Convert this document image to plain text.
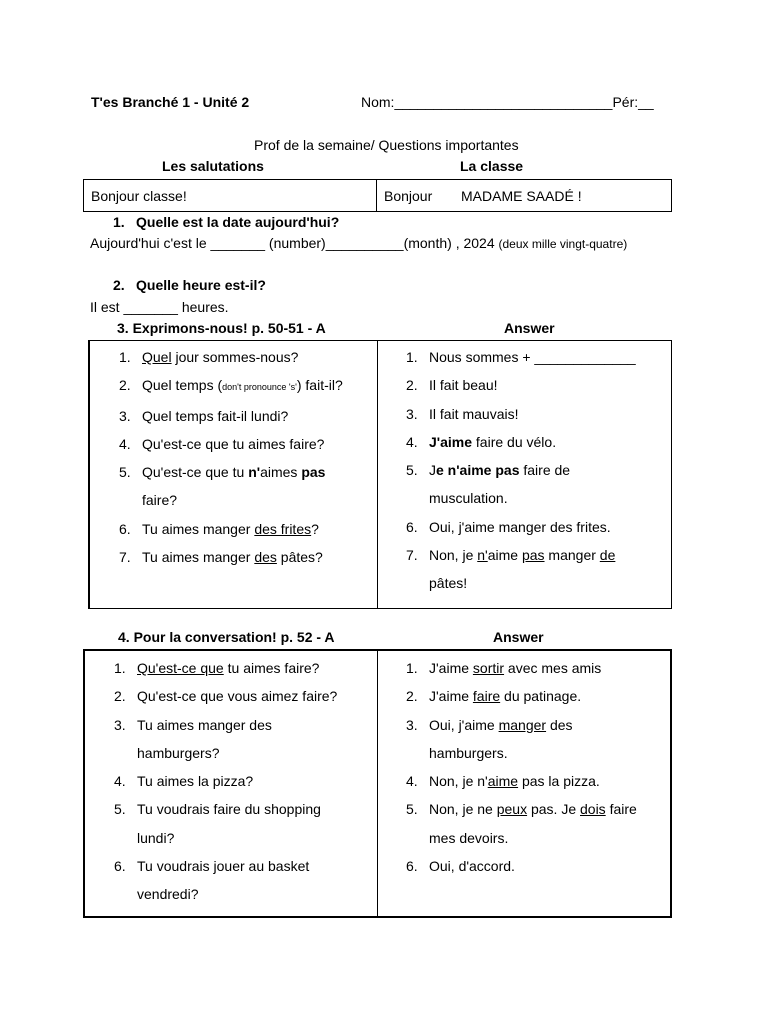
T'es Branché 1 - Unité 2	Nom:____________________________Pér:__
Prof de la semaine/ Questions importantes
Les salutations	La classe
Bonjour classe!	Bonjour MADAME SAADÉ !
1. Quelle est la date aujourd'hui?
Aujourd'hui c'est le _______ (number)__________(month) , 2024 (deux mille vingt-quatre)
2. Quelle heure est-il?
Il est _______ heures.
3. Exprimons-nous! p. 50-51 - A	Answer
1. Quel jour sommes-nous?
2. Quel temps (don't pronounce 's') fait-il?
3. Quel temps fait-il lundi?
4. Qu'est-ce que tu aimes faire?
5. Qu'est-ce que tu n'aimes pas faire?
6. Tu aimes manger des frites?
7. Tu aimes manger des pâtes?
1. Nous sommes + _____________
2. Il fait beau!
3. Il fait mauvais!
4. J'aime faire du vélo.
5. Je n'aime pas faire de musculation.
6. Oui, j'aime manger des frites.
7. Non, je n'aime pas manger de pâtes!
4. Pour la conversation! p. 52 - A	Answer
1. Qu'est-ce que tu aimes faire?
2. Qu'est-ce que vous aimez faire?
3. Tu aimes manger des hamburgers?
4. Tu aimes la pizza?
5. Tu voudrais faire du shopping lundi?
6. Tu voudrais jouer au basket vendredi?
1. J'aime sortir avec mes amis
2. J'aime faire du patinage.
3. Oui, j'aime manger des hamburgers.
4. Non, je n'aime pas la pizza.
5. Non, je ne peux pas. Je dois faire mes devoirs.
6. Oui, d'accord.
